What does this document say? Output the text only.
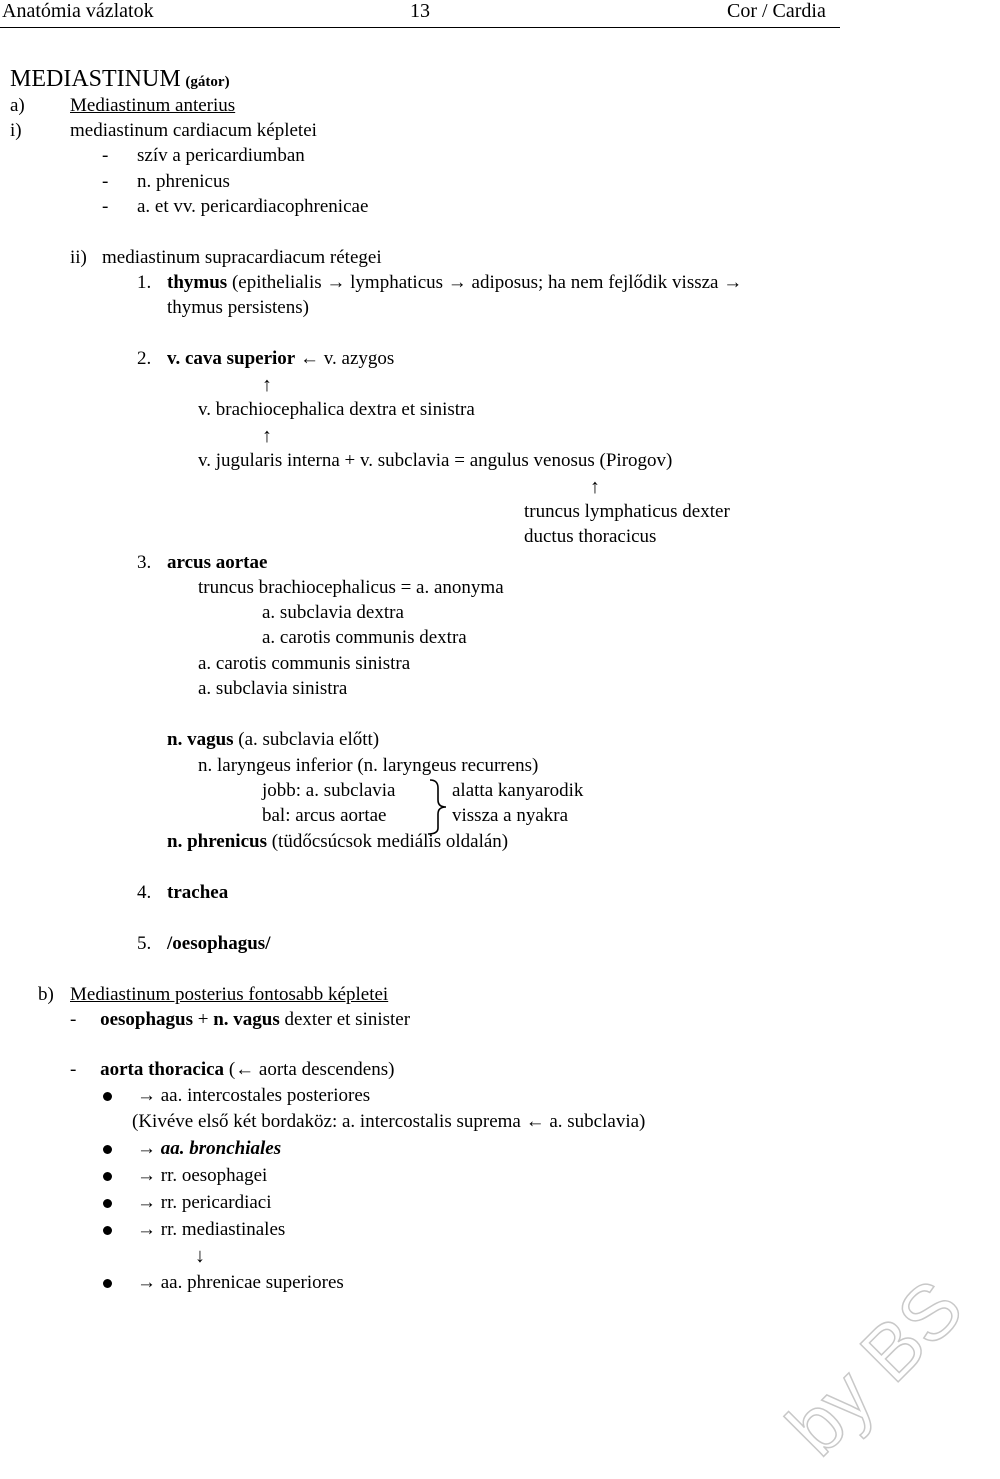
Anatómia vázlatok	13	Cor / Cardia
MEDIASTINUM (gátor)
a) Mediastinum anterius
i)	mediastinum cardiacum képletei
- szív a pericardiumban
- n. phrenicus
- a. et vv. pericardiacophrenicae
ii) mediastinum supracardiacum rétegei
1. thymus (epithelialis → lymphaticus → adiposus; ha nem fejlődik vissza →
thymus persistens)
2. v. cava superior ← v. azygos
↑
v. brachiocephalica dextra et sinistra
↑
v. jugularis interna + v. subclavia = angulus venosus (Pirogov)
↑
truncus lymphaticus dexter
ductus thoracicus
3. arcus aortae
truncus brachiocephalicus = a. anonyma
a. subclavia dextra
a. carotis communis dextra
a. carotis communis sinistra
a. subclavia sinistra
n. vagus (a. subclavia előtt)
n. laryngeus inferior (n. laryngeus recurrens)
jobb: a. subclavia
bal: arcus aortae
alatta kanyarodik
vissza a nyakra
n. phrenicus (tüdőcsúcsok mediális oldalán)
4. trachea
5. /oesophagus/
b) Mediastinum posterius fontosabb képletei
- oesophagus + n. vagus dexter et sinister
- aorta thoracica (← aorta descendens)
→ aa. intercostales posteriores
(Kivéve első két bordaköz: a. intercostalis suprema ← a. subclavia)
→ aa. bronchiales
→ rr. oesophagei
→ rr. pericardiaci
→ rr. mediastinales
↓
→ aa. phrenicae superiores	by BS
